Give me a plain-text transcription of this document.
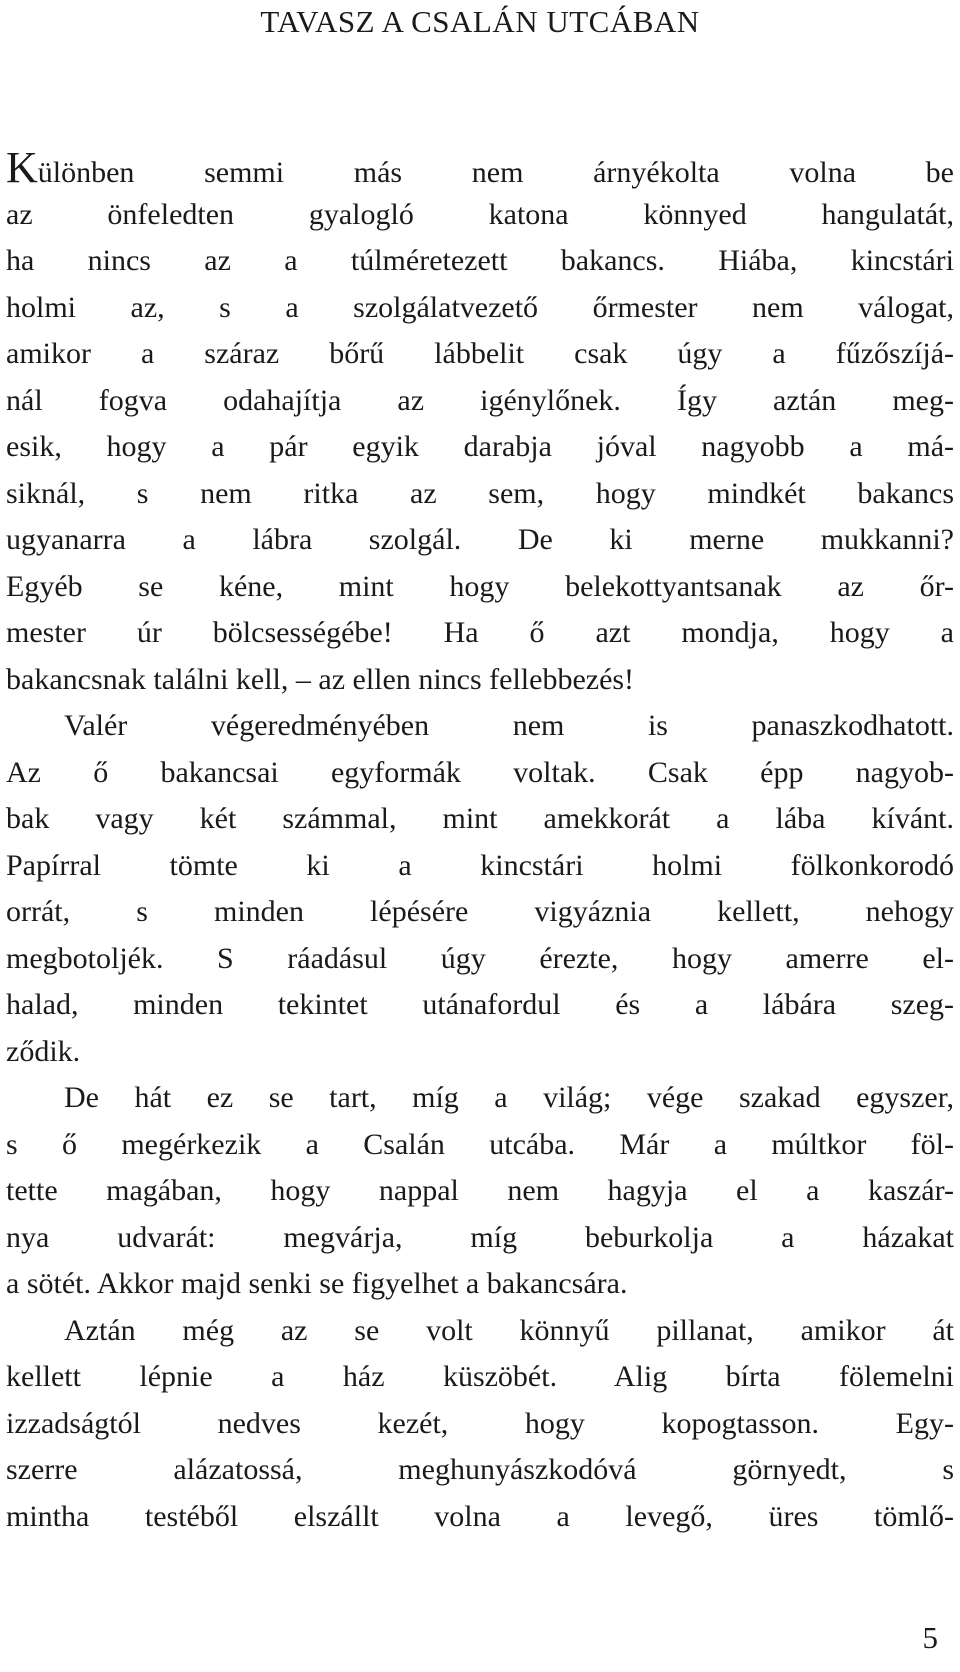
TAVASZ A CSALÁN UTCÁBAN
Különben semmi más nem árnyékolta volna be
az önfeledten gyalogló katona könnyed hangulatát,
ha nincs az a túlméretezett bakancs. Hiába, kincstári
holmi az, s a szolgálatvezető őrmester nem válogat,
amikor a száraz bőrű lábbelit csak úgy a fűzőszíjá-
nál fogva odahajítja az igénylőnek. Így aztán meg-
esik, hogy a pár egyik darabja jóval nagyobb a má-
siknál, s nem ritka az sem, hogy mindkét bakancs
ugyanarra a lábra szolgál. De ki merne mukkanni?
Egyéb se kéne, mint hogy belekottyantsanak az őr-
mester úr bölcsességébe! Ha ő azt mondja, hogy a
bakancsnak találni kell, – az ellen nincs fellebbezés!
Valér végeredményében nem is panaszkodhatott.
Az ő bakancsai egyformák voltak. Csak épp nagyob-
bak vagy két számmal, mint amekkorát a lába kívánt.
Papírral tömte ki a kincstári holmi fölkonkorodó
orrát, s minden lépésére vigyáznia kellett, nehogy
megbotoljék. S ráadásul úgy érezte, hogy amerre el-
halad, minden tekintet utánafordul és a lábára szeg-
ződik.
De hát ez se tart, míg a világ; vége szakad egyszer,
s ő megérkezik a Csalán utcába. Már a múltkor föl-
tette magában, hogy nappal nem hagyja el a kaszár-
nya udvarát: megvárja, míg beburkolja a házakat
a sötét. Akkor majd senki se figyelhet a bakancsára.
Aztán még az se volt könnyű pillanat, amikor át
kellett lépnie a ház küszöbét. Alig bírta fölemelni
izzadságtól nedves kezét, hogy kopogtasson. Egy-
szerre alázatossá, meghunyászkodóvá görnyedt, s
mintha testéből elszállt volna a levegő, üres tömlő-
5
